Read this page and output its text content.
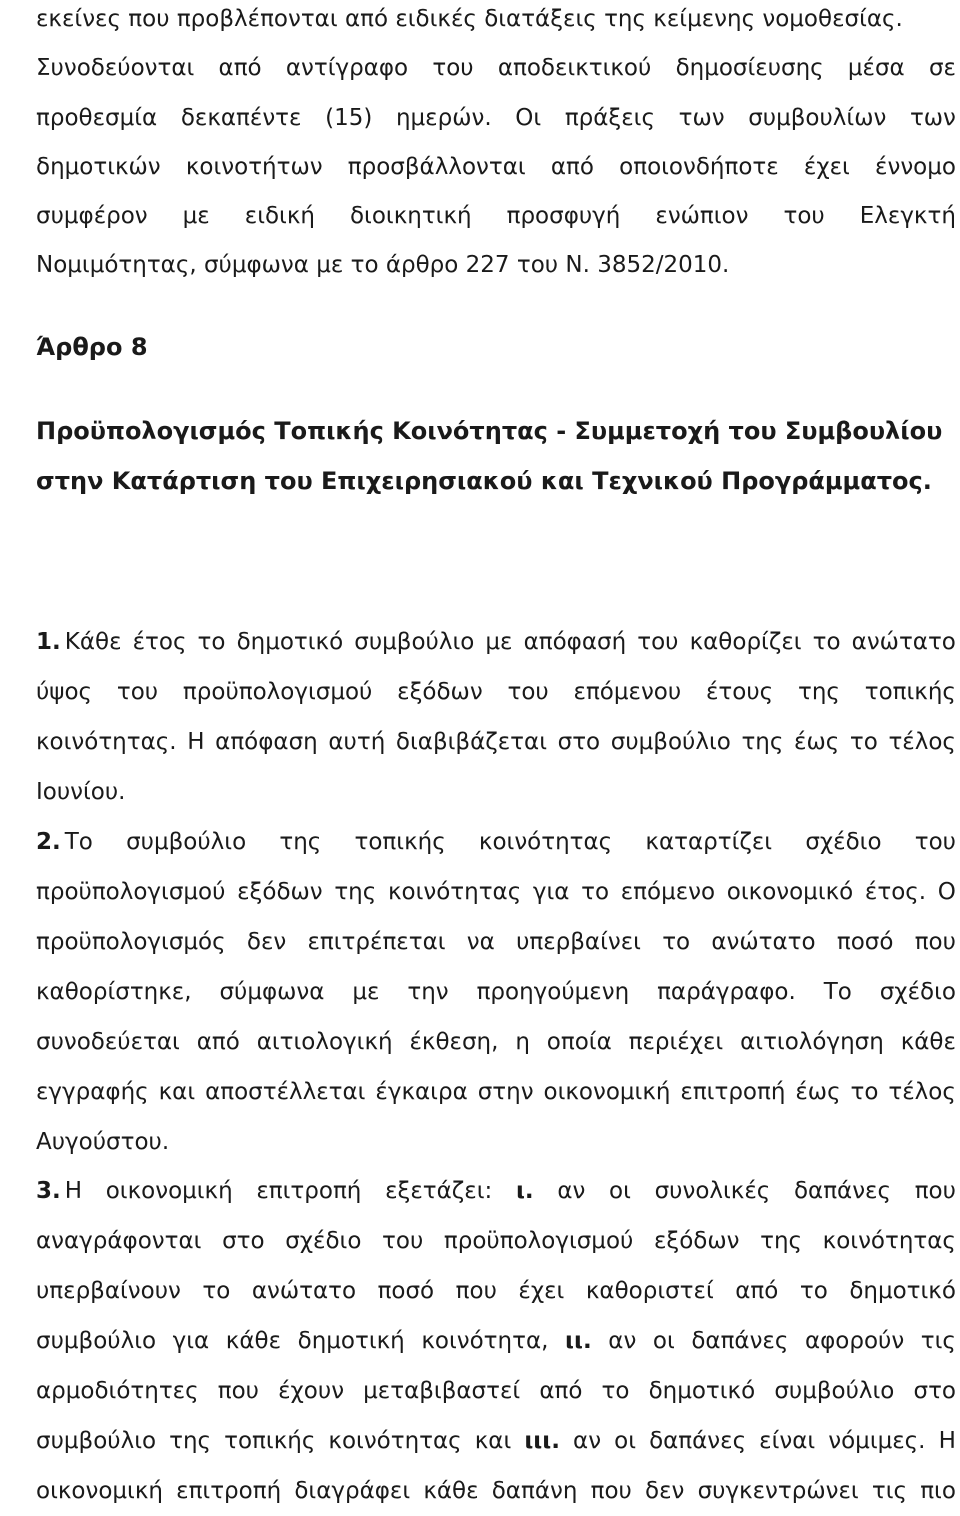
εκείνες που προβλέπονται από ειδικές διατάξεις της κείμενης νομοθεσίας.
Συνοδεύονται από αντίγραφο του αποδεικτικού δημοσίευσης μέσα σε
προθεσμία δεκαπέντε (15) ημερών. Οι πράξεις των συμβουλίων των
δημοτικών κοινοτήτων προσβάλλονται από οποιονδήποτε έχει έννομο
συμφέρον με ειδική διοικητική προσφυγή ενώπιον του Ελεγκτή
Νομιμότητας, σύμφωνα με το άρθρο 227 του Ν. 3852/2010.
Άρθρο 8
Προϋπολογισμός Τοπικής Κοινότητας - Συμμετοχή του Συμβουλίου
στην Κατάρτιση του Επιχειρησιακού και Τεχνικού Προγράμματος.
1. Κάθε έτος το δημοτικό συμβούλιο με απόφασή του καθορίζει το ανώτατο
ύψος του προϋπολογισμού εξόδων του επόμενου έτους της τοπικής
κοινότητας. Η απόφαση αυτή διαβιβάζεται στο συμβούλιο της έως το τέλος
Ιουνίου.
2. Το συμβούλιο της τοπικής κοινότητας καταρτίζει σχέδιο του
προϋπολογισμού εξόδων της κοινότητας για το επόμενο οικονομικό έτος. Ο
προϋπολογισμός δεν επιτρέπεται να υπερβαίνει το ανώτατο ποσό που
καθορίστηκε, σύμφωνα με την προηγούμενη παράγραφο. Το σχέδιο
συνοδεύεται από αιτιολογική έκθεση, η οποία περιέχει αιτιολόγηση κάθε
εγγραφής και αποστέλλεται έγκαιρα στην οικονομική επιτροπή έως το τέλος
Αυγούστου.
3. Η οικονομική επιτροπή εξετάζει: ι. αν οι συνολικές δαπάνες που
αναγράφονται στο σχέδιο του προϋπολογισμού εξόδων της κοινότητας
υπερβαίνουν το ανώτατο ποσό που έχει καθοριστεί από το δημοτικό
συμβούλιο για κάθε δημοτική κοινότητα, ιι. αν οι δαπάνες αφορούν τις
αρμοδιότητες που έχουν μεταβιβαστεί από το δημοτικό συμβούλιο στο
συμβούλιο της τοπικής κοινότητας και ιιι. αν οι δαπάνες είναι νόμιμες. Η
οικονομική επιτροπή διαγράφει κάθε δαπάνη που δεν συγκεντρώνει τις πιο
